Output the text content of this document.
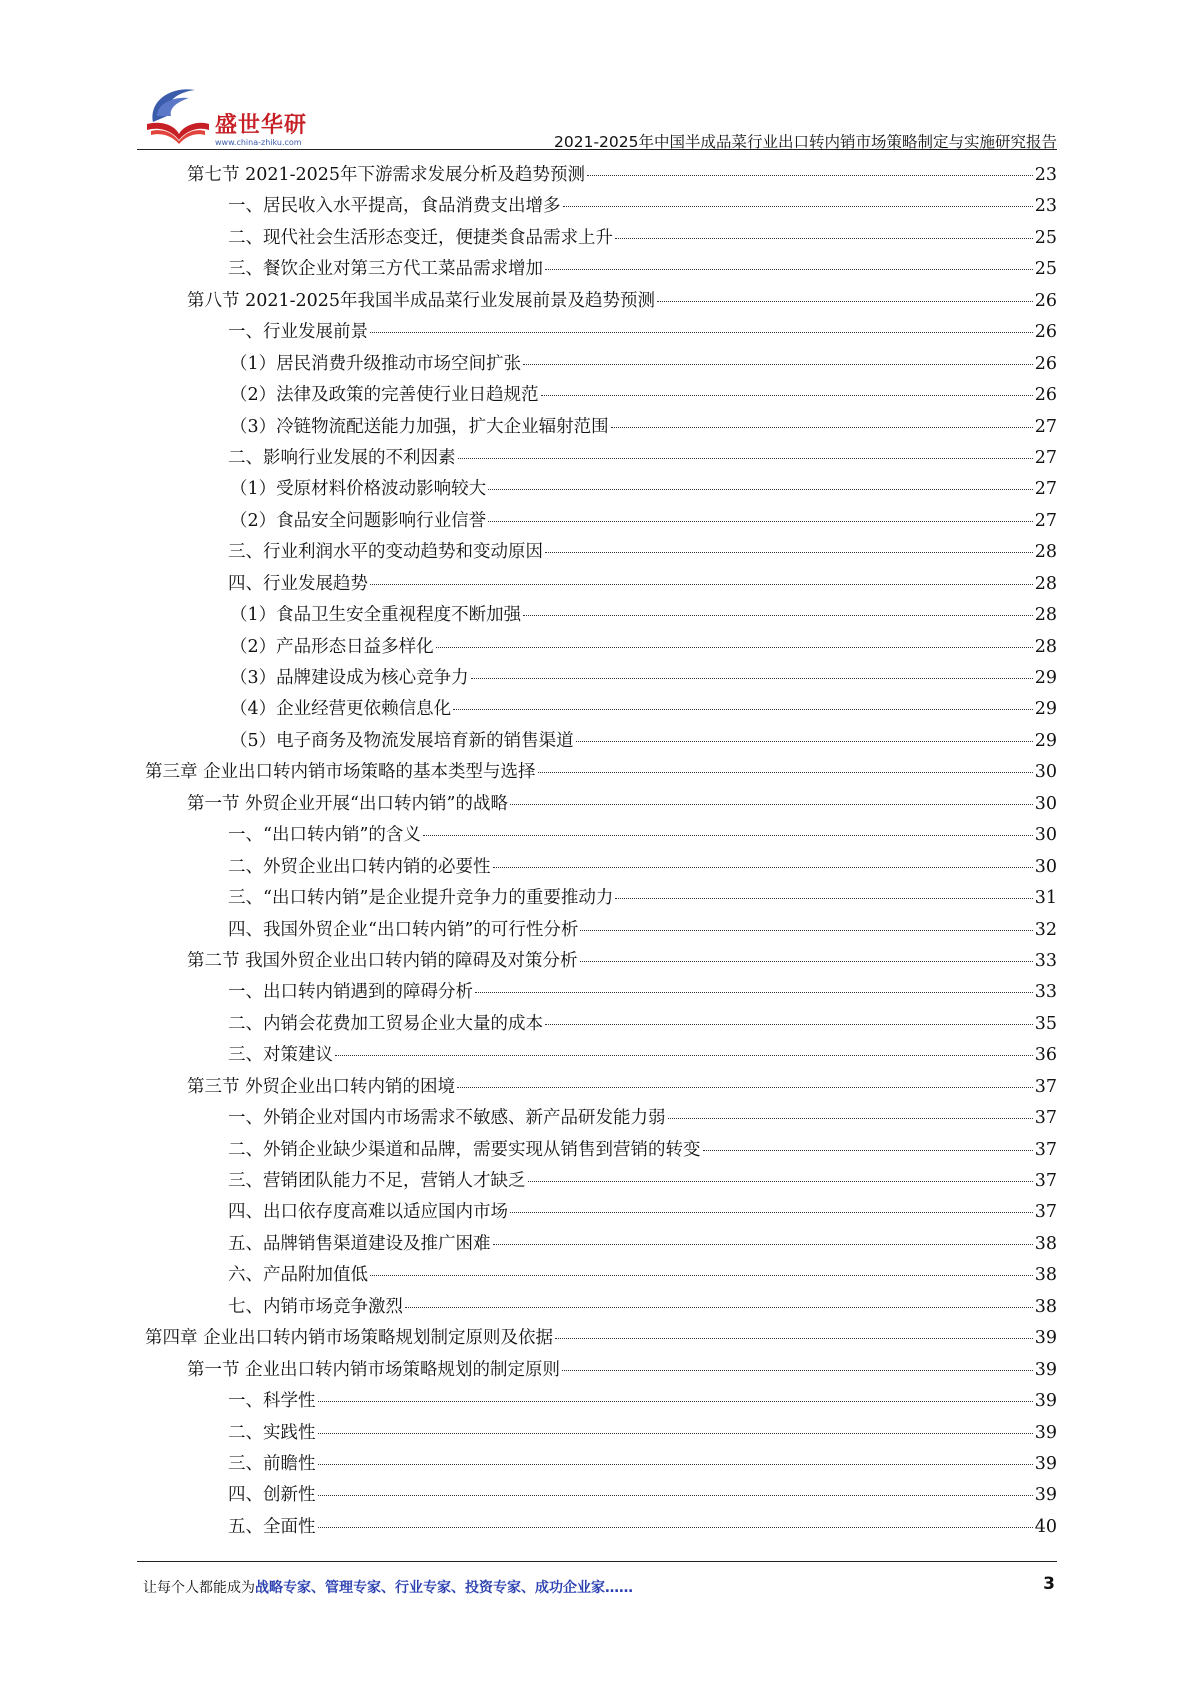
盛世华研
www.china-zhiku.com	2021-2025年中国半成品菜行业出口转内销市场策略制定与实施研究报告
第七节 2021-2025年下游需求发展分析及趋势预测	23
一、居民收入水平提高，食品消费支出增多	23
二、现代社会生活形态变迁，便捷类食品需求上升	25
三、餐饮企业对第三方代工菜品需求增加	25
第八节 2021-2025年我国半成品菜行业发展前景及趋势预测	26
一、行业发展前景	26
（1）居民消费升级推动市场空间扩张	26
（2）法律及政策的完善使行业日趋规范	26
（3）冷链物流配送能力加强，扩大企业辐射范围	27
二、影响行业发展的不利因素	27
（1）受原材料价格波动影响较大	27
（2）食品安全问题影响行业信誉	27
三、行业利润水平的变动趋势和变动原因	28
四、行业发展趋势	28
（1）食品卫生安全重视程度不断加强	28
（2）产品形态日益多样化	28
（3）品牌建设成为核心竞争力	29
（4）企业经营更依赖信息化	29
（5）电子商务及物流发展培育新的销售渠道	29
第三章 企业出口转内销市场策略的基本类型与选择	30
第一节 外贸企业开展“出口转内销”的战略	30
一、“出口转内销”的含义	30
二、外贸企业出口转内销的必要性	30
三、“出口转内销”是企业提升竞争力的重要推动力	31
四、我国外贸企业“出口转内销”的可行性分析	32
第二节 我国外贸企业出口转内销的障碍及对策分析	33
一、出口转内销遇到的障碍分析	33
二、内销会花费加工贸易企业大量的成本	35
三、对策建议	36
第三节 外贸企业出口转内销的困境	37
一、外销企业对国内市场需求不敏感、新产品研发能力弱	37
二、外销企业缺少渠道和品牌，需要实现从销售到营销的转变	37
三、营销团队能力不足，营销人才缺乏	37
四、出口依存度高难以适应国内市场	37
五、品牌销售渠道建设及推广困难	38
六、产品附加值低	38
七、内销市场竞争激烈	38
第四章 企业出口转内销市场策略规划制定原则及依据	39
第一节 企业出口转内销市场策略规划的制定原则	39
一、科学性	39
二、实践性	39
三、前瞻性	39
四、创新性	39
五、全面性	40
让每个人都能成为战略专家、管理专家、行业专家、投资专家、成功企业家……	3
